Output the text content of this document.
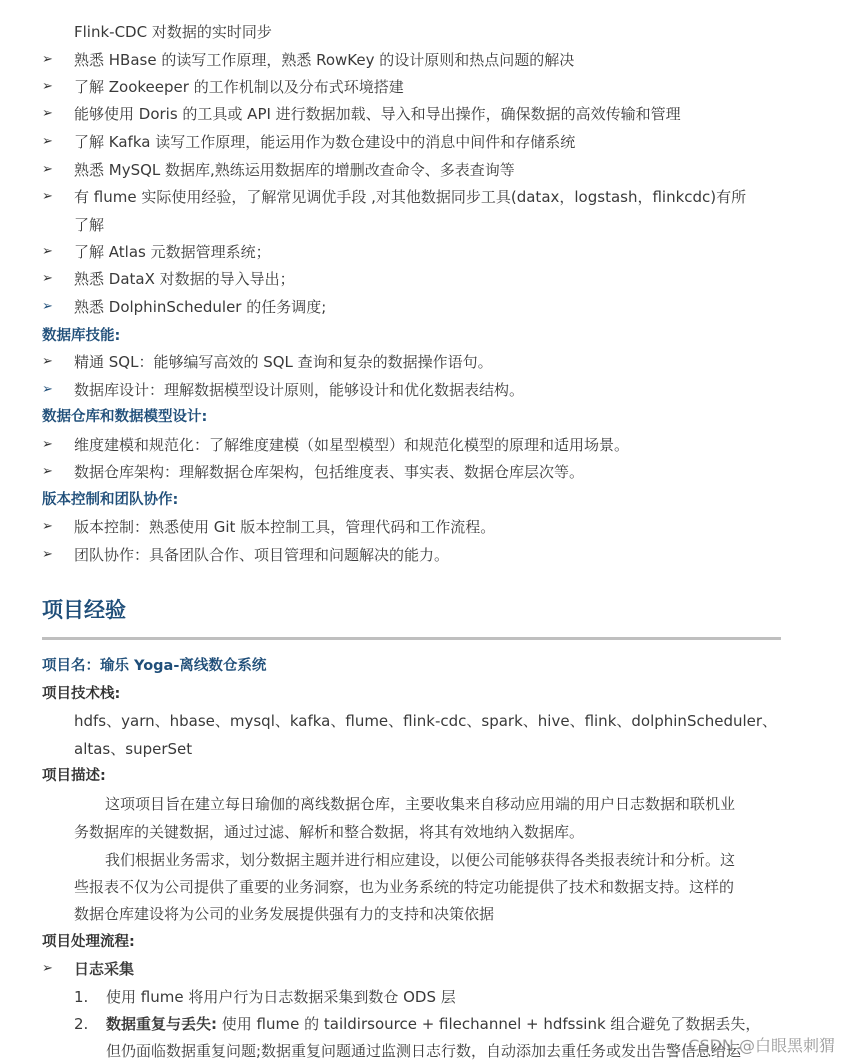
Flink-CDC 对数据的实时同步
➢	熟悉 HBase 的读写工作原理，熟悉 RowKey 的设计原则和热点问题的解决
➢	了解 Zookeeper 的工作机制以及分布式环境搭建
➢	能够使用 Doris 的工具或 API 进行数据加载、导入和导出操作，确保数据的高效传输和管理
➢	了解 Kafka 读写工作原理，能运用作为数仓建设中的消息中间件和存储系统
➢	熟悉 MySQL 数据库,熟练运用数据库的增删改查命令、多表查询等
➢	有 flume 实际使用经验，了解常见调优手段 ,对其他数据同步工具(datax，logstash，flinkcdc)有所
了解
➢	了解 Atlas 元数据管理系统；
➢	熟悉 DataX 对数据的导入导出；
➢	熟悉 DolphinScheduler 的任务调度;
数据库技能:
➢	精通 SQL：能够编写高效的 SQL 查询和复杂的数据操作语句。
➢	数据库设计：理解数据模型设计原则，能够设计和优化数据表结构。
数据仓库和数据模型设计:
➢	维度建模和规范化：了解维度建模（如星型模型）和规范化模型的原理和适用场景。
➢	数据仓库架构：理解数据仓库架构，包括维度表、事实表、数据仓库层次等。
版本控制和团队协作:
➢	版本控制：熟悉使用 Git 版本控制工具，管理代码和工作流程。
➢	团队协作：具备团队合作、项目管理和问题解决的能力。
项目经验
项目名：瑜乐 Yoga-离线数仓系统
项目技术栈:
hdfs、yarn、hbase、mysql、kafka、flume、flink-cdc、spark、hive、flink、dolphinScheduler、
altas、superSet
项目描述:
这项项目旨在建立每日瑜伽的离线数据仓库，主要收集来自移动应用端的用户日志数据和联机业
务数据库的关键数据，通过过滤、解析和整合数据，将其有效地纳入数据库。
我们根据业务需求，划分数据主题并进行相应建设，以便公司能够获得各类报表统计和分析。这
些报表不仅为公司提供了重要的业务洞察，也为业务系统的特定功能提供了技术和数据支持。这样的
数据仓库建设将为公司的业务发展提供强有力的支持和决策依据
项目处理流程:
➢	日志采集
1. 使用 flume 将用户行为日志数据采集到数仓 ODS 层
2. 数据重复与丢失: 使用 flume 的 taildirsource + filechannel + hdfssink 组合避免了数据丢失，
但仍面临数据重复问题;数据重复问题通过监测日志行数，自动添加去重任务或发出告警信息给运
CSDN @白眼黑刺猬
